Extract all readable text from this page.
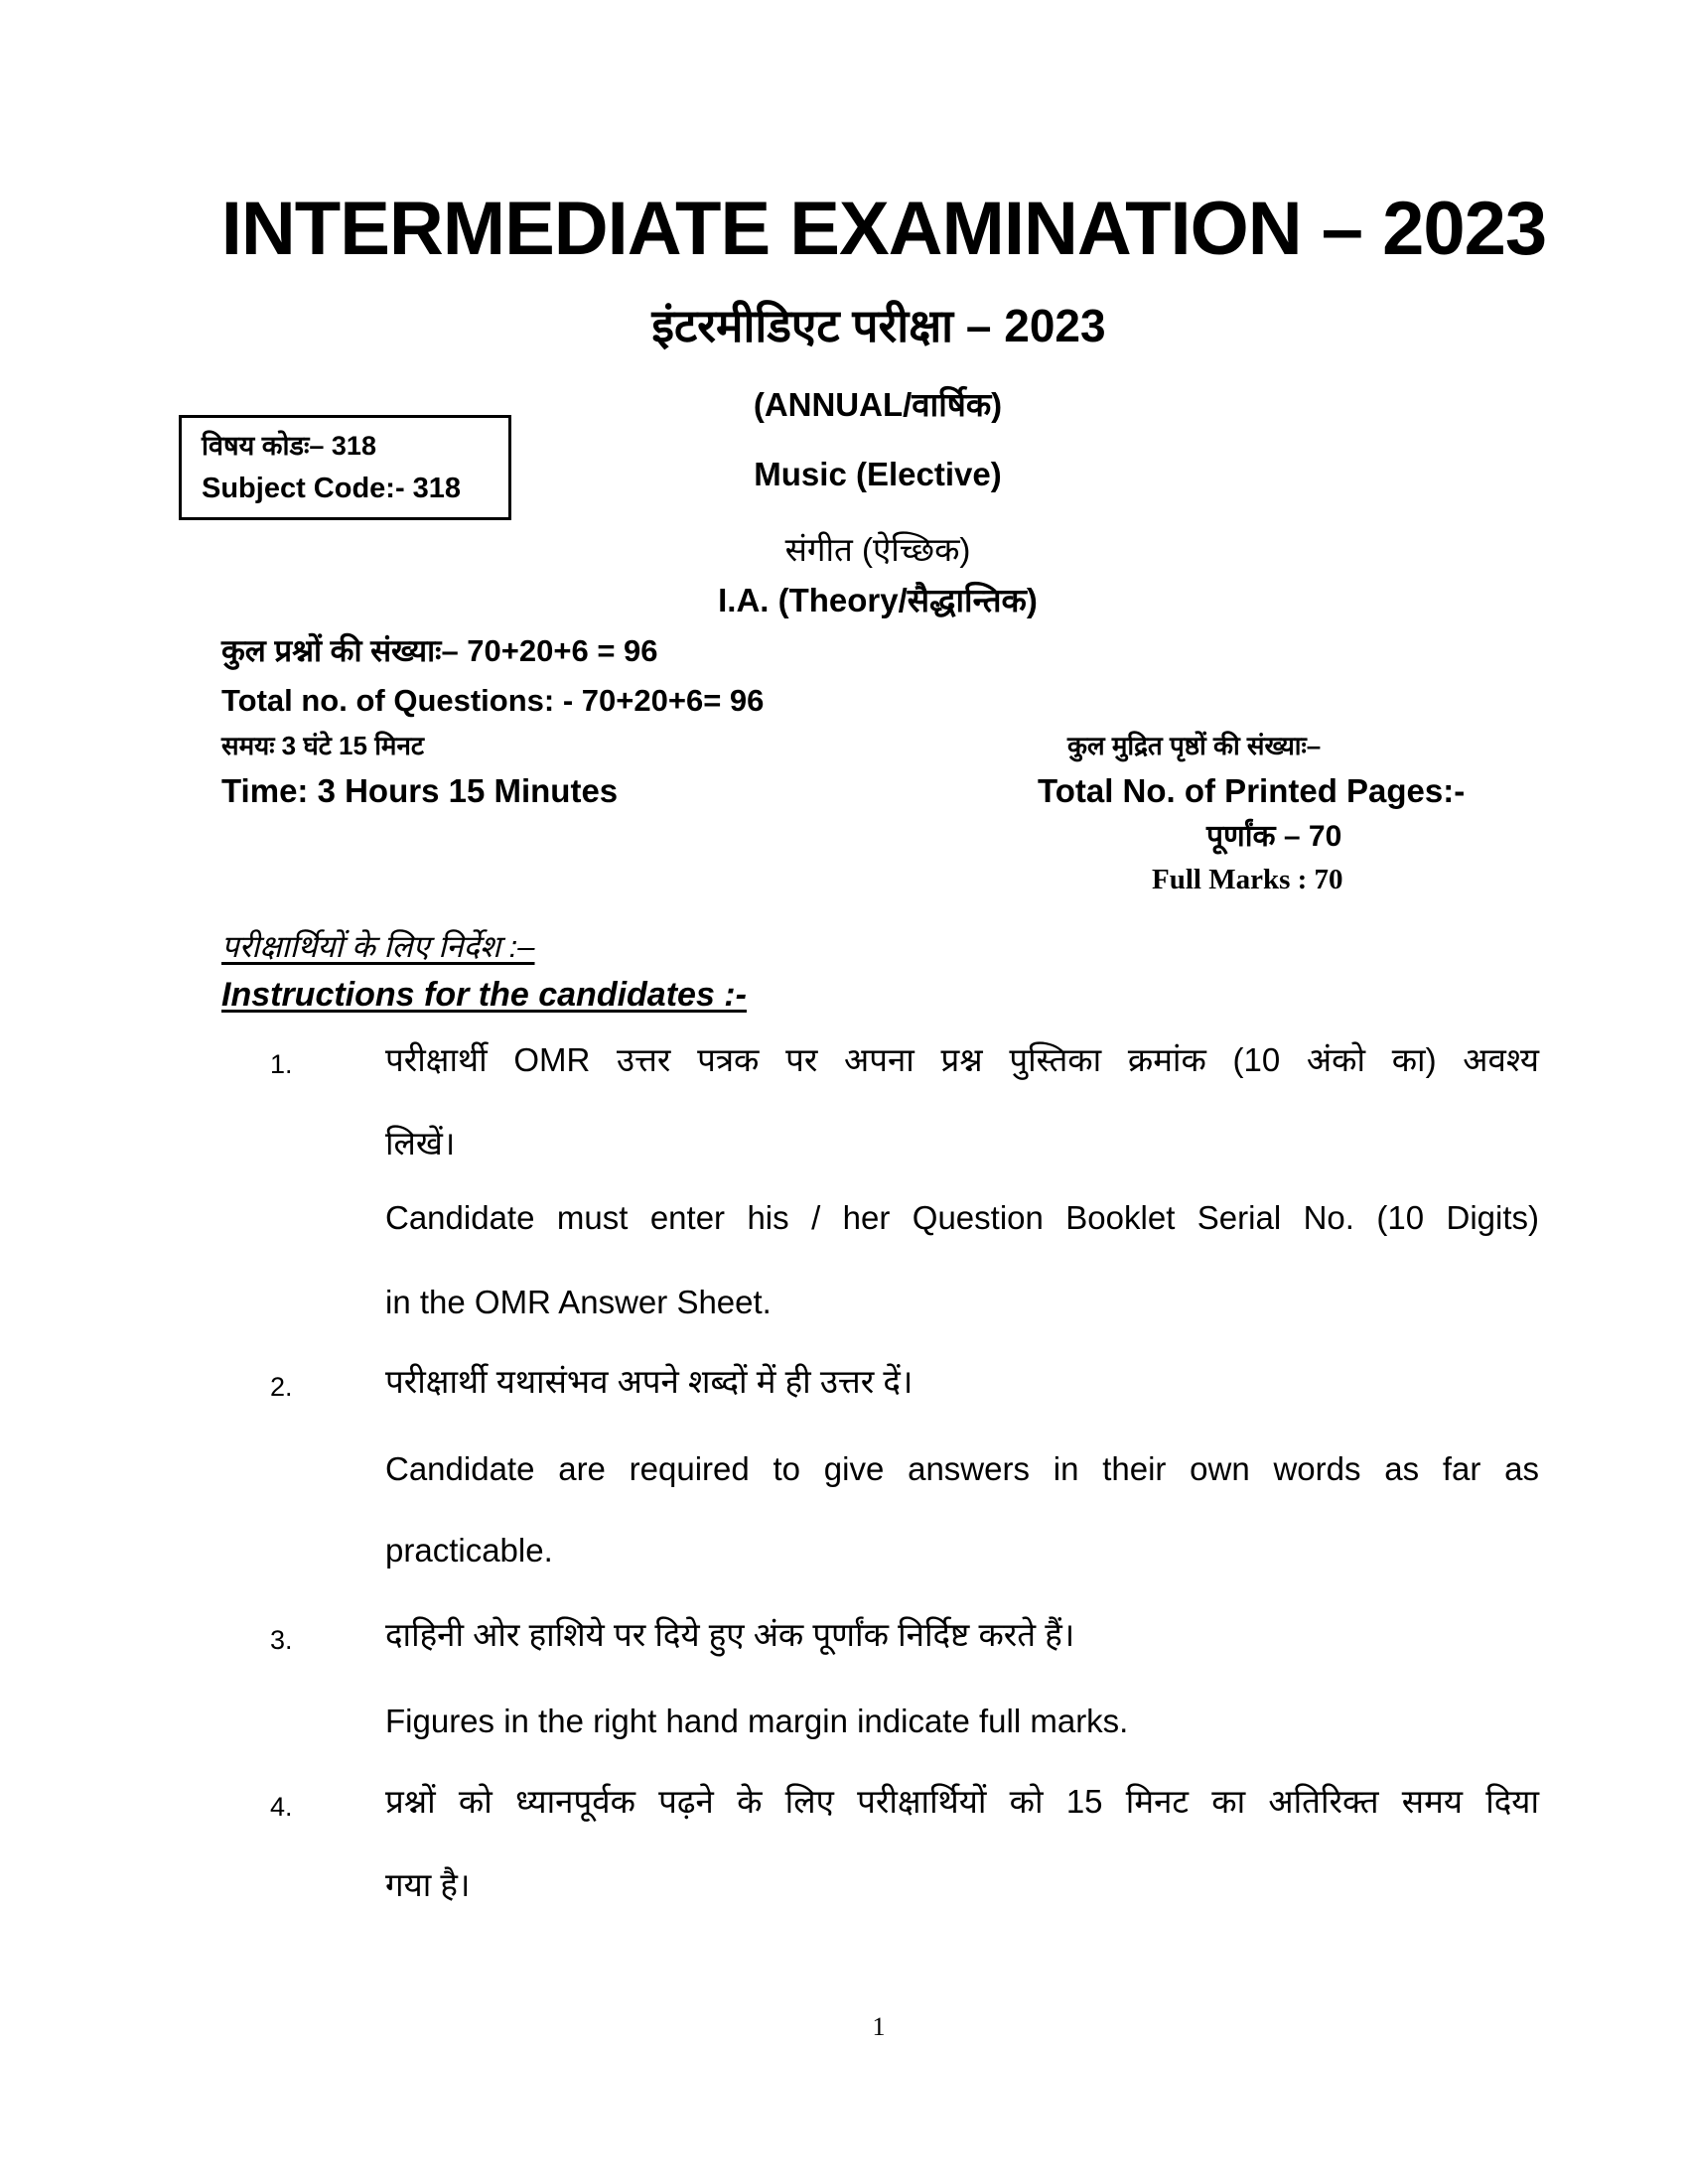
INTERMEDIATE EXAMINATION – 2023
इंटरमीडिएट परीक्षा – 2023
(ANNUAL/वार्षिक)
Music (Elective)
संगीत (ऐच्छिक)
I.A. (Theory/सैद्धान्तिक)
विषय कोडः– 318
Subject Code:- 318
कुल प्रश्नों की संख्याः– 70+20+6 = 96
Total no. of Questions: - 70+20+6= 96
समयः 3 घंटे 15 मिनट
Time: 3 Hours 15 Minutes
कुल मुद्रित पृष्ठों की संख्याः–
Total No. of Printed Pages:-
पूर्णांक – 70
Full Marks : 70
परीक्षार्थियों के लिए निर्देश :–
Instructions for the candidates :-
1.	परीक्षार्थी OMR उत्तर पत्रक पर अपना प्रश्न पुस्तिका क्रमांक (10 अंको का) अवश्य
लिखें।
Candidate must enter his / her Question Booklet Serial No. (10 Digits)
in the OMR Answer Sheet.
2.	परीक्षार्थी यथासंभव अपने शब्दों में ही उत्तर दें।
Candidate are required to give answers in their own words as far as
practicable.
3.	दाहिनी ओर हाशिये पर दिये हुए अंक पूर्णांक निर्दिष्ट करते हैं।
Figures in the right hand margin indicate full marks.
4.	प्रश्नों को ध्यानपूर्वक पढ़ने के लिए परीक्षार्थियों को 15 मिनट का अतिरिक्त समय दिया
गया है।
1
